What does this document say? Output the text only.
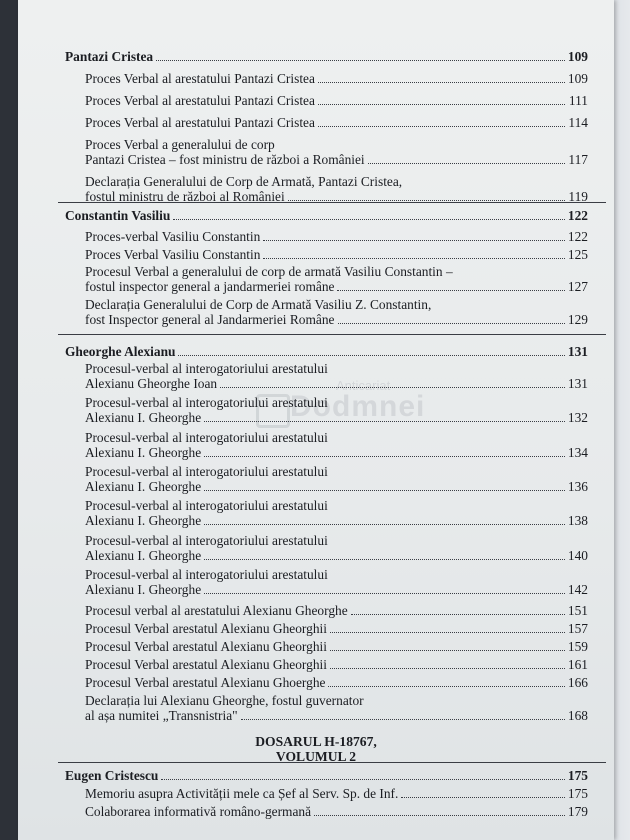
Anticariat
Dodmnei
Pantazi Cristea	109
Proces Verbal al arestatului Pantazi Cristea	109
Proces Verbal al arestatului Pantazi Cristea	111
Proces Verbal al arestatului Pantazi Cristea	114
Proces Verbal a generalului de corp
Pantazi Cristea – fost ministru de război a României	117
Declarația Generalului de Corp de Armată, Pantazi Cristea,
fostul ministru de război al României	119
Constantin Vasiliu	122
Proces-verbal Vasiliu Constantin	122
Proces Verbal Vasiliu Constantin	125
Procesul Verbal a generalului de corp de armată Vasiliu Constantin –
fostul inspector general a jandarmeriei române	127
Declarația Generalului de Corp de Armată Vasiliu Z. Constantin,
fost Inspector general al Jandarmeriei Române	129
Gheorghe Alexianu	131
Procesul-verbal al interogatoriului arestatului
Alexianu Gheorghe Ioan	131
Procesul-verbal al interogatoriului arestatului
Alexianu I. Gheorghe	132
Procesul-verbal al interogatoriului arestatului
Alexianu I. Gheorghe	134
Procesul-verbal al interogatoriului arestatului
Alexianu I. Gheorghe	136
Procesul-verbal al interogatoriului arestatului
Alexianu I. Gheorghe	138
Procesul-verbal al interogatoriului arestatului
Alexianu I. Gheorghe	140
Procesul-verbal al interogatoriului arestatului
Alexianu I. Gheorghe	142
Procesul verbal al arestatului Alexianu Gheorghe	151
Procesul Verbal arestatul Alexianu Gheorghii	157
Procesul Verbal arestatul Alexianu Gheorghii	159
Procesul Verbal arestatul Alexianu Gheorghii	161
Procesul Verbal arestatul Alexianu Ghoerghe	166
Declarația lui Alexianu Gheorghe, fostul guvernator
al așa numitei „Transnistria"	168
Eugen Cristescu	175
Memoriu asupra Activității mele ca Șef al Serv. Sp. de Inf.	175
Colaborarea informativă româno-germană	179
DOSARUL H-18767,
VOLUMUL 2
